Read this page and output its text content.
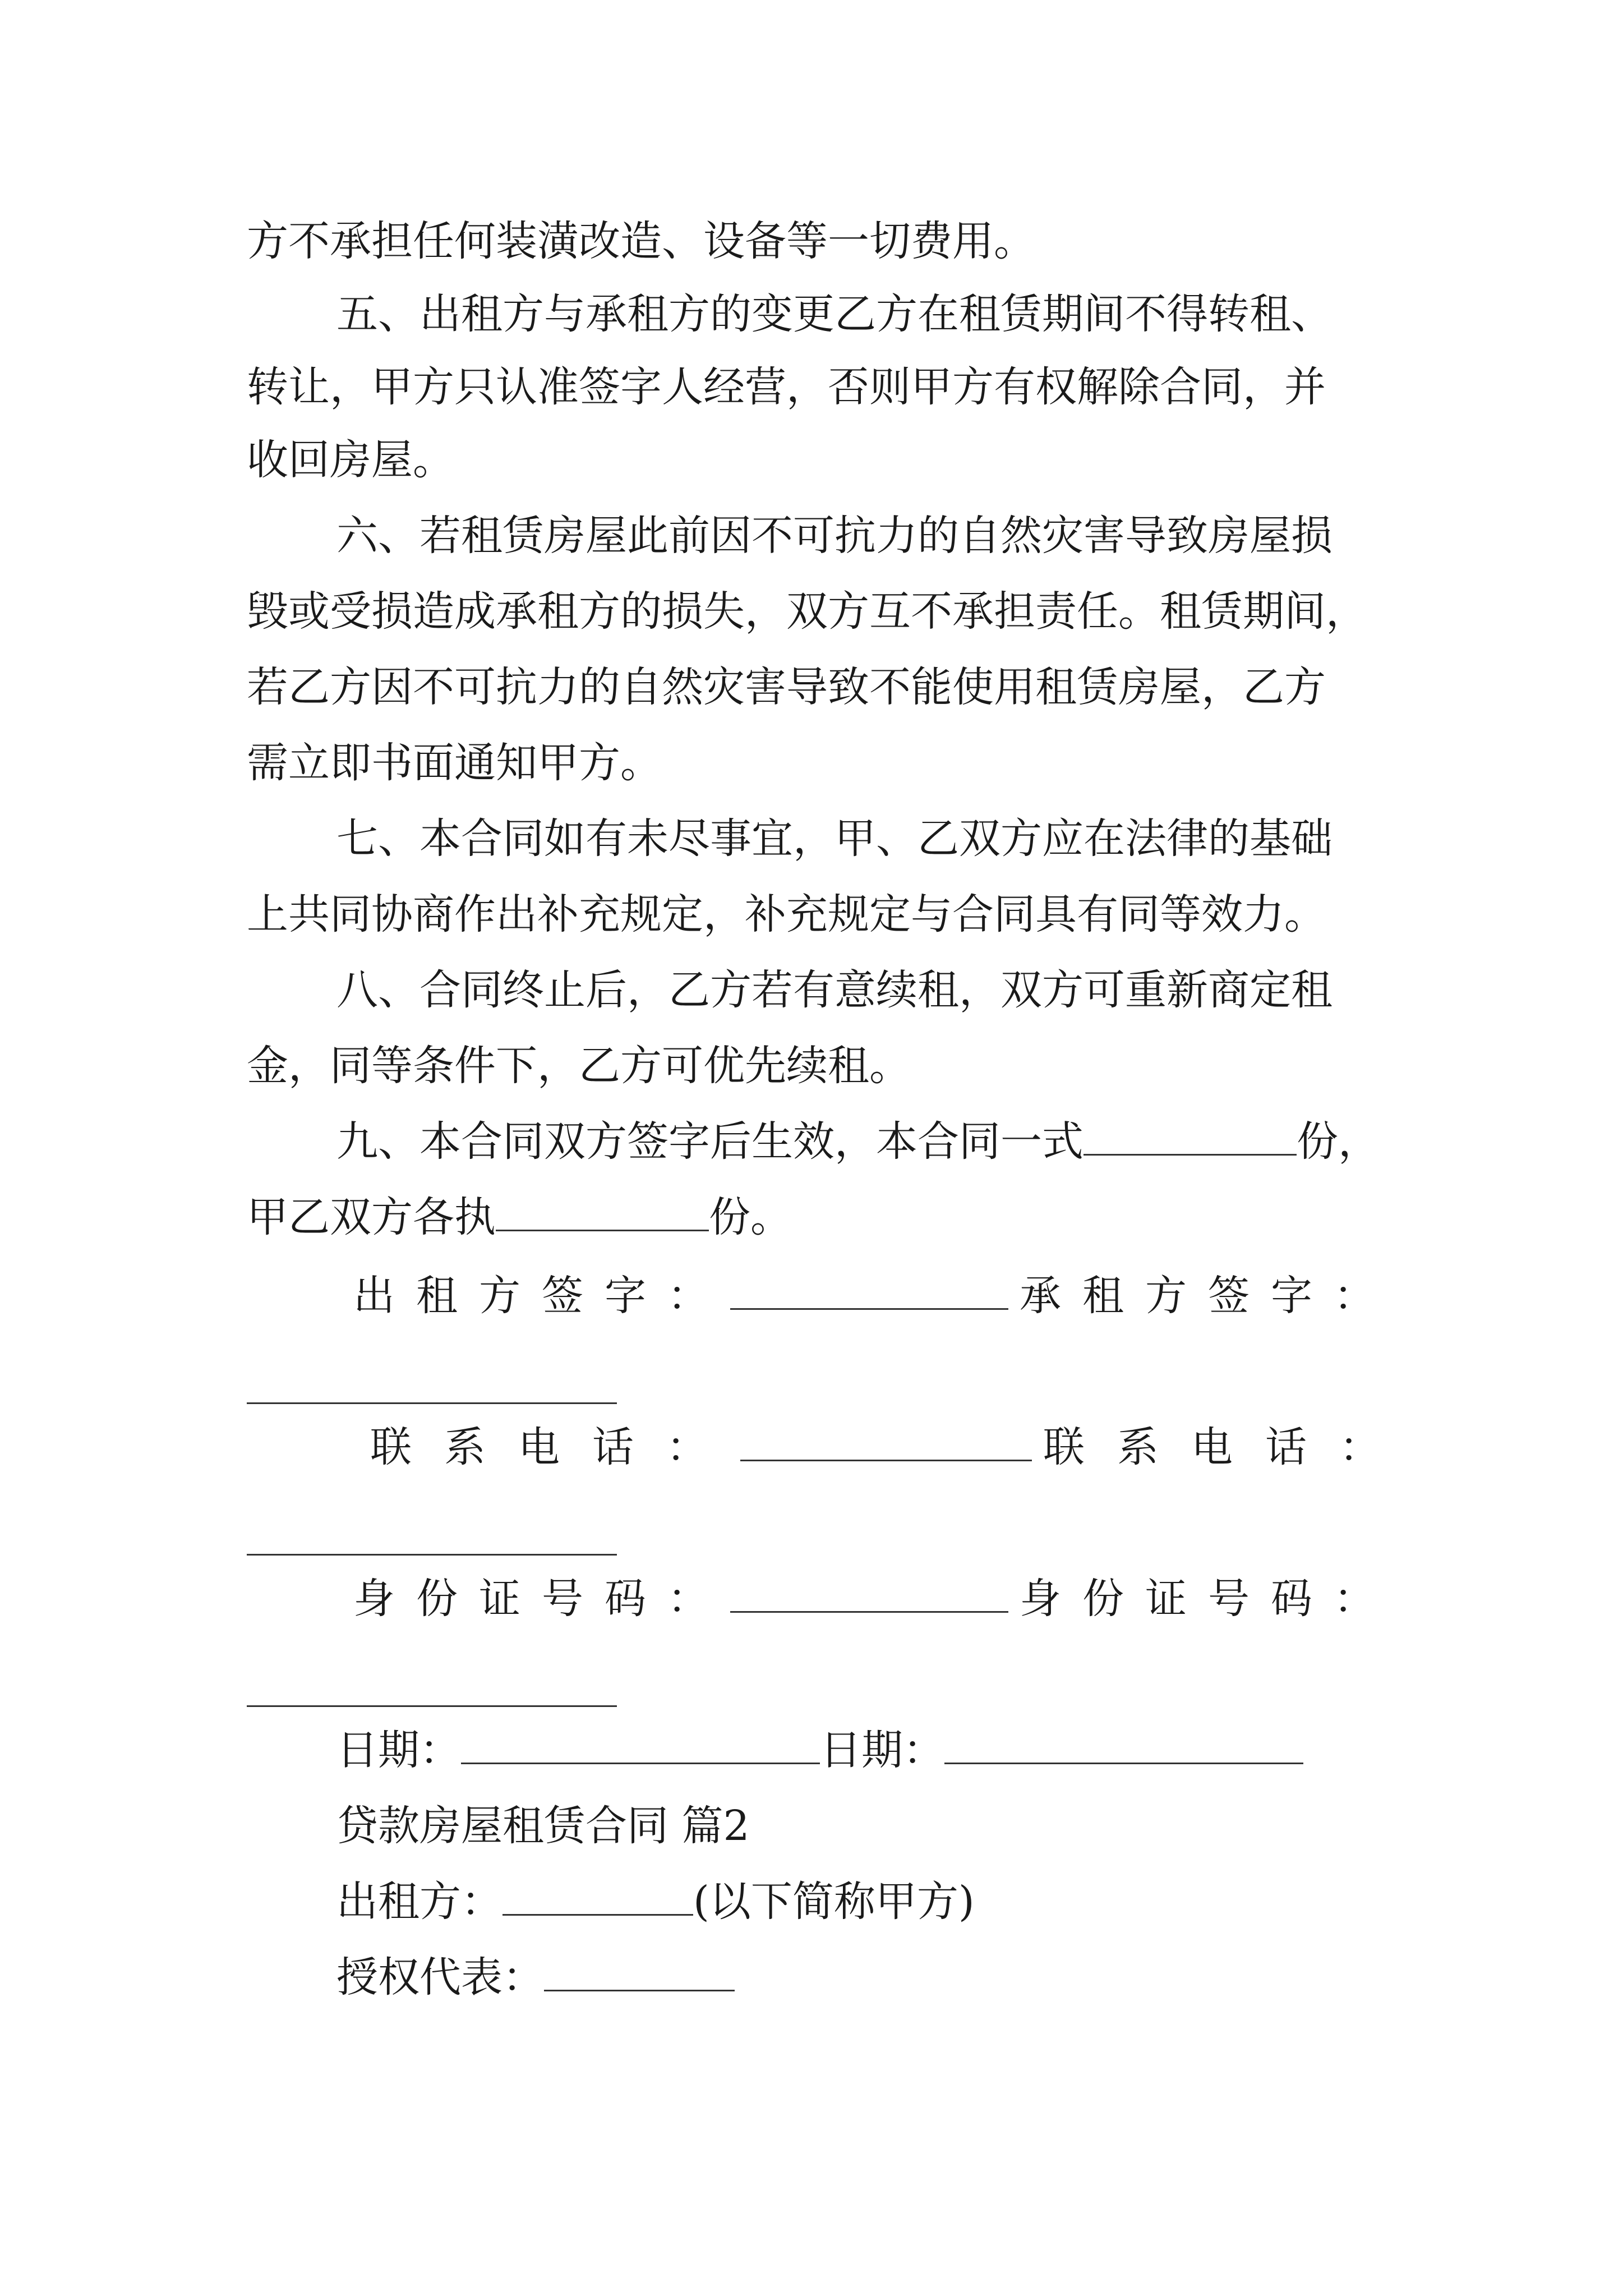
方不承担任何装潢改造、设备等一切费用。
五、出租方与承租方的变更乙方在租赁期间不得转租、
转让，甲方只认准签字人经营，否则甲方有权解除合同，并
收回房屋。
六、若租赁房屋此前因不可抗力的自然灾害导致房屋损
毁或受损造成承租方的损失，双方互不承担责任。租赁期间，
若乙方因不可抗力的自然灾害导致不能使用租赁房屋，乙方
需立即书面通知甲方。
七、本合同如有未尽事宜，甲、乙双方应在法律的基础
上共同协商作出补充规定，补充规定与合同具有同等效力。
八、合同终止后，乙方若有意续租，双方可重新商定租
金，同等条件下，乙方可优先续租。
九、本合同双方签字后生效，本合同一式	份，
甲乙双方各执	份。
出租方签字：	承租方签字：
联系电话：	联系电话：
身份证号码：	身份证号码：
日期：	日期：
贷款房屋租赁合同 篇2
出租方：	(以下简称甲方)
授权代表：
